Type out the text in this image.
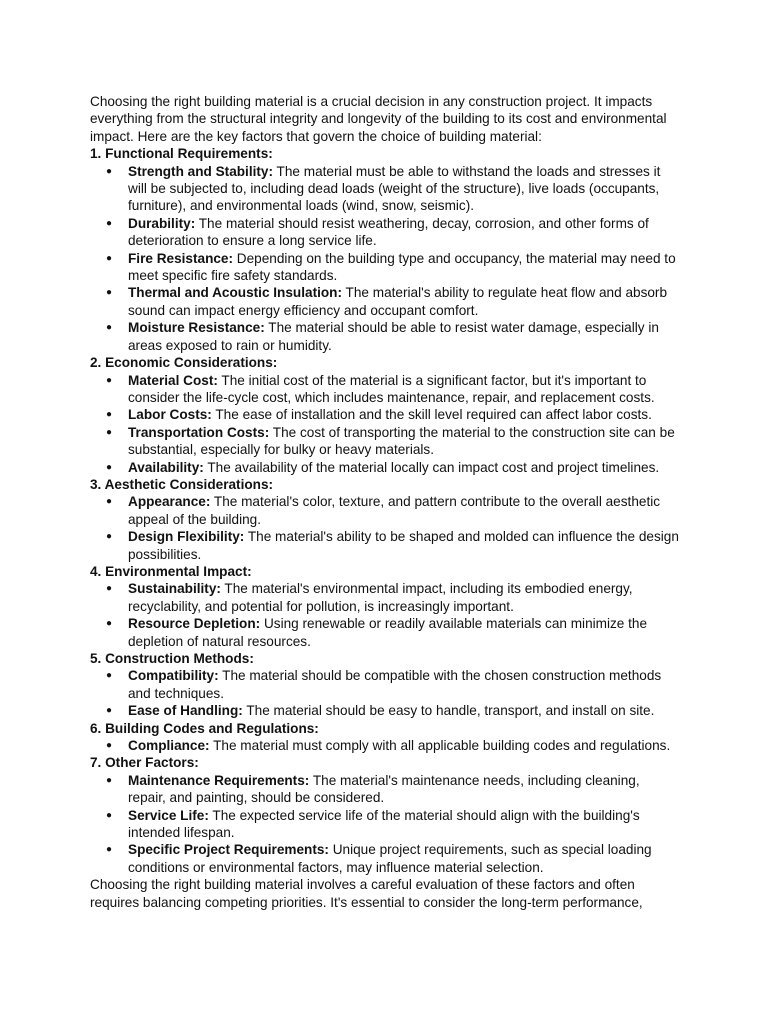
Choosing the right building material is a crucial decision in any construction project. It impacts everything from the structural integrity and longevity of the building to its cost and environmental impact. Here are the key factors that govern the choice of building material:

1. Functional Requirements:

● Strength and Stability: The material must be able to withstand the loads and stresses it will be subjected to, including dead loads (weight of the structure), live loads (occupants, furniture), and environmental loads (wind, snow, seismic).
● Durability: The material should resist weathering, decay, corrosion, and other forms of deterioration to ensure a long service life.
● Fire Resistance: Depending on the building type and occupancy, the material may need to meet specific fire safety standards.
● Thermal and Acoustic Insulation: The material's ability to regulate heat flow and absorb sound can impact energy efficiency and occupant comfort.
● Moisture Resistance: The material should be able to resist water damage, especially in areas exposed to rain or humidity.

2. Economic Considerations:

● Material Cost: The initial cost of the material is a significant factor, but it's important to consider the life-cycle cost, which includes maintenance, repair, and replacement costs.
● Labor Costs: The ease of installation and the skill level required can affect labor costs.
● Transportation Costs: The cost of transporting the material to the construction site can be substantial, especially for bulky or heavy materials.
● Availability: The availability of the material locally can impact cost and project timelines.

3. Aesthetic Considerations:

● Appearance: The material's color, texture, and pattern contribute to the overall aesthetic appeal of the building.
● Design Flexibility: The material's ability to be shaped and molded can influence the design possibilities.

4. Environmental Impact:

● Sustainability: The material's environmental impact, including its embodied energy, recyclability, and potential for pollution, is increasingly important.
● Resource Depletion: Using renewable or readily available materials can minimize the depletion of natural resources.

5. Construction Methods:

● Compatibility: The material should be compatible with the chosen construction methods and techniques.
● Ease of Handling: The material should be easy to handle, transport, and install on site.

6. Building Codes and Regulations:

● Compliance: The material must comply with all applicable building codes and regulations.

7. Other Factors:

● Maintenance Requirements: The material's maintenance needs, including cleaning, repair, and painting, should be considered.
● Service Life: The expected service life of the material should align with the building's intended lifespan.
● Specific Project Requirements: Unique project requirements, such as special loading conditions or environmental factors, may influence material selection.

Choosing the right building material involves a careful evaluation of these factors and often requires balancing competing priorities. It's essential to consider the long-term performance,
